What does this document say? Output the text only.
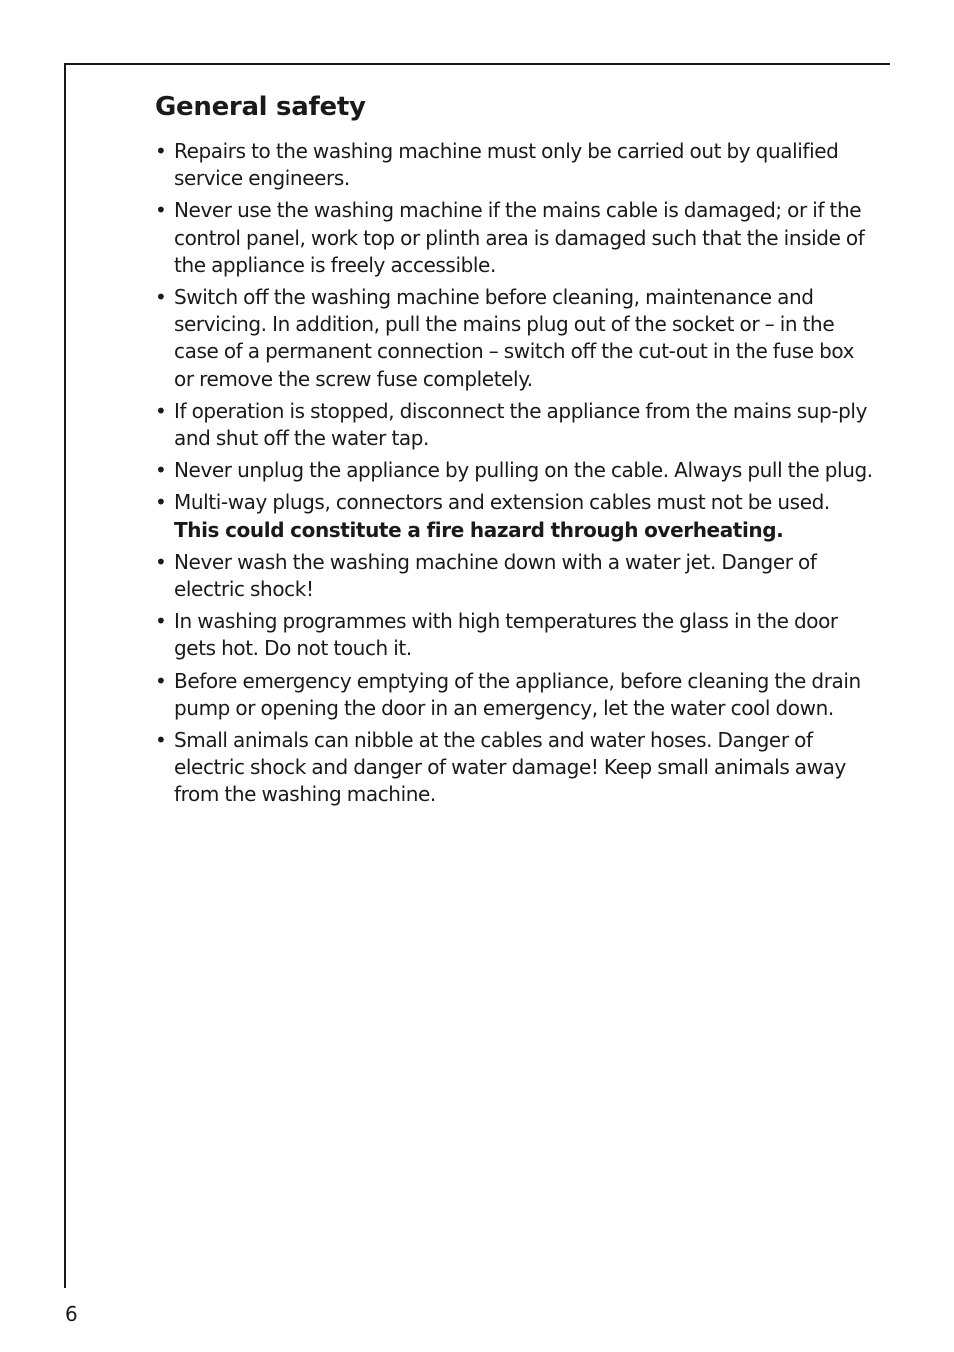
General safety
• Repairs to the washing machine must only be carried out by qualified service engineers.
• Never use the washing machine if the mains cable is damaged; or if the control panel, work top or plinth area is damaged such that the inside of the appliance is freely accessible.
• Switch off the washing machine before cleaning, maintenance and servicing. In addition, pull the mains plug out of the socket or – in the case of a permanent connection – switch off the cut-out in the fuse box or remove the screw fuse completely.
• If operation is stopped, disconnect the appliance from the mains sup-ply and shut off the water tap.
• Never unplug the appliance by pulling on the cable. Always pull the plug.
• Multi-way plugs, connectors and extension cables must not be used.
This could constitute a fire hazard through overheating.
• Never wash the washing machine down with a water jet. Danger of electric shock!
• In washing programmes with high temperatures the glass in the door gets hot. Do not touch it.
• Before emergency emptying of the appliance, before cleaning the drain pump or opening the door in an emergency, let the water cool down.
• Small animals can nibble at the cables and water hoses. Danger of electric shock and danger of water damage! Keep small animals away from the washing machine.
6
